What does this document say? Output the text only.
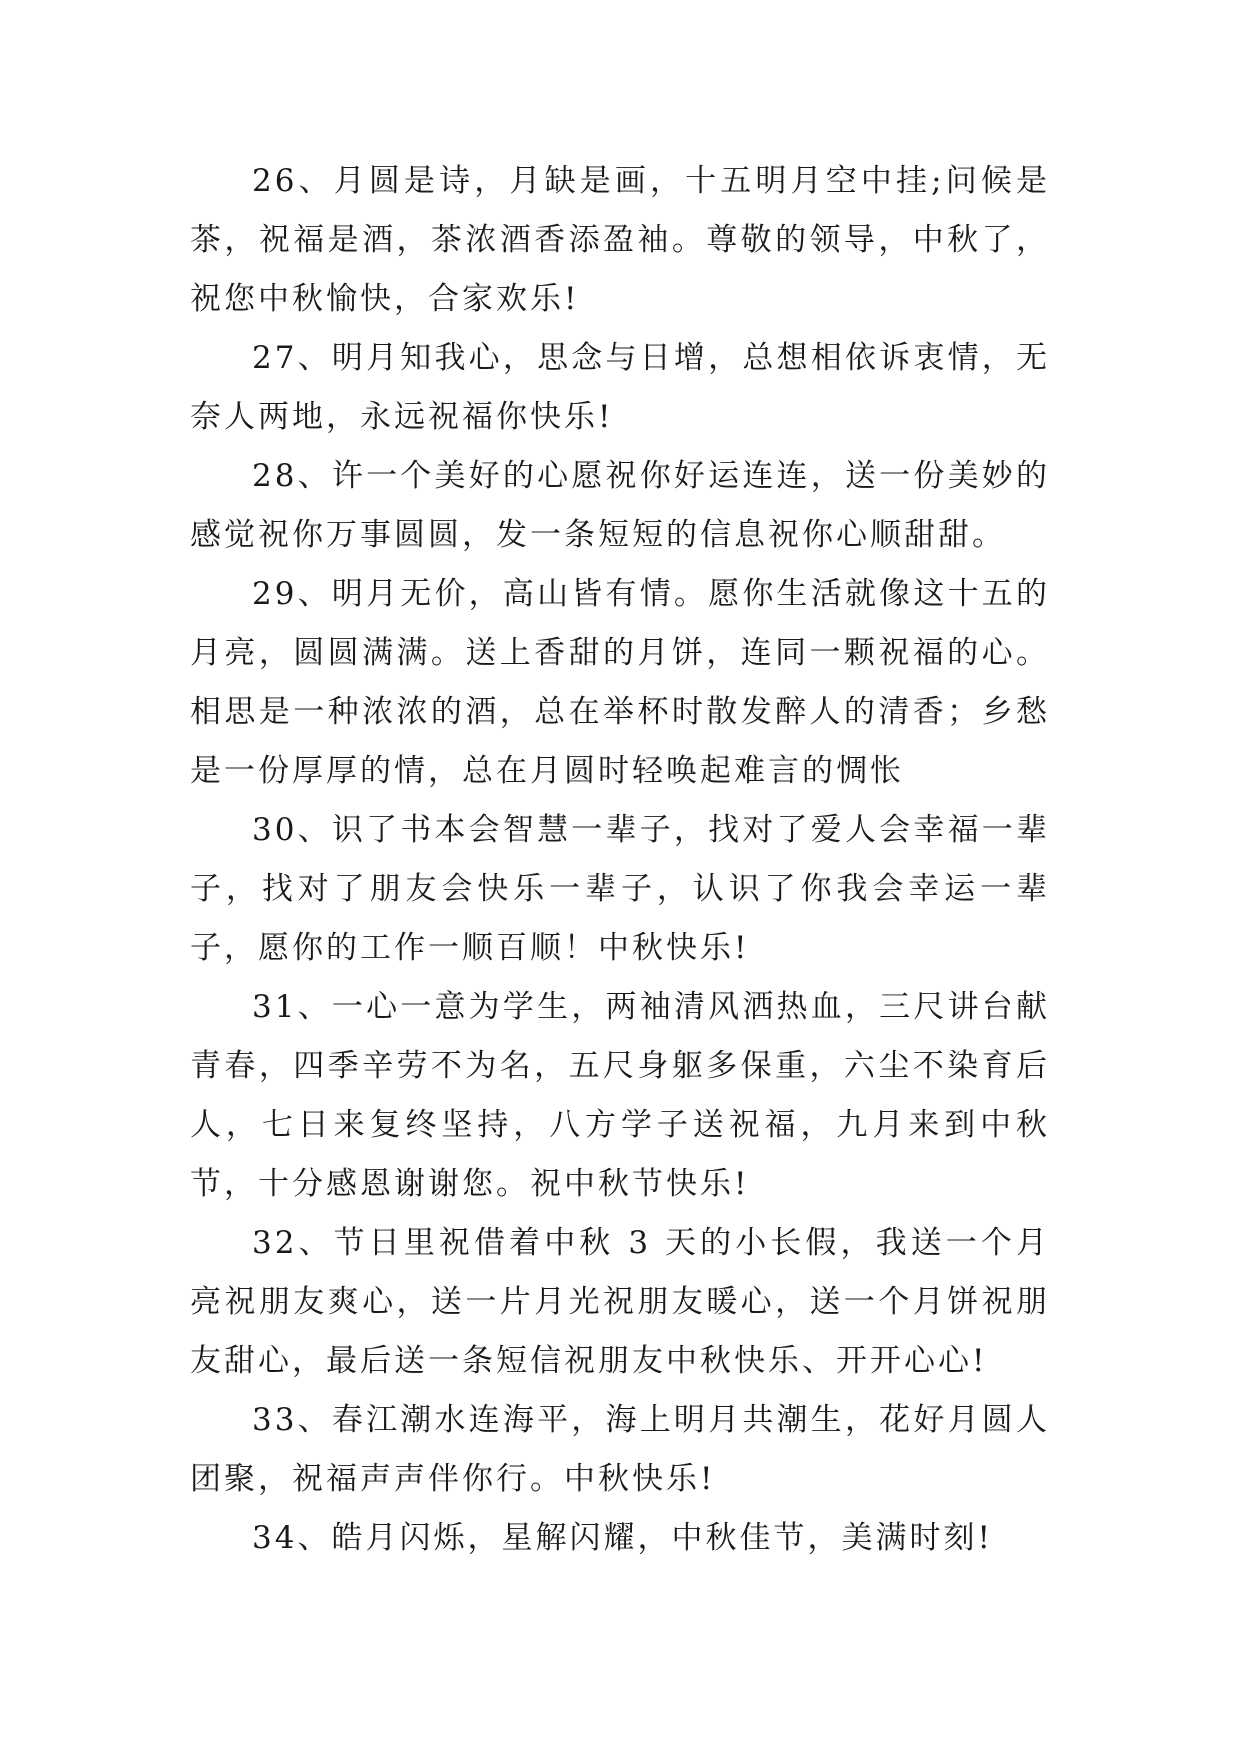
26、月圆是诗，月缺是画，十五明月空中挂;问候是茶，祝福是酒，茶浓酒香添盈袖。尊敬的领导，中秋了，祝您中秋愉快，合家欢乐!

27、明月知我心，思念与日增，总想相依诉衷情，无奈人两地，永远祝福你快乐!

28、许一个美好的心愿祝你好运连连，送一份美妙的感觉祝你万事圆圆，发一条短短的信息祝你心顺甜甜。

29、明月无价，高山皆有情。愿你生活就像这十五的月亮，圆圆满满。送上香甜的月饼，连同一颗祝福的心。相思是一种浓浓的酒，总在举杯时散发醉人的清香；乡愁是一份厚厚的情，总在月圆时轻唤起难言的惆怅

30、识了书本会智慧一辈子，找对了爱人会幸福一辈子，找对了朋友会快乐一辈子，认识了你我会幸运一辈子，愿你的工作一顺百顺！中秋快乐!

31、一心一意为学生，两袖清风洒热血，三尺讲台献青春，四季辛劳不为名，五尺身躯多保重，六尘不染育后人，七日来复终坚持，八方学子送祝福，九月来到中秋节，十分感恩谢谢您。祝中秋节快乐!

32、节日里祝借着中秋 3 天的小长假，我送一个月亮祝朋友爽心，送一片月光祝朋友暖心，送一个月饼祝朋友甜心，最后送一条短信祝朋友中秋快乐、开开心心!

33、春江潮水连海平，海上明月共潮生，花好月圆人团聚，祝福声声伴你行。中秋快乐!

34、皓月闪烁，星解闪耀，中秋佳节，美满时刻!
